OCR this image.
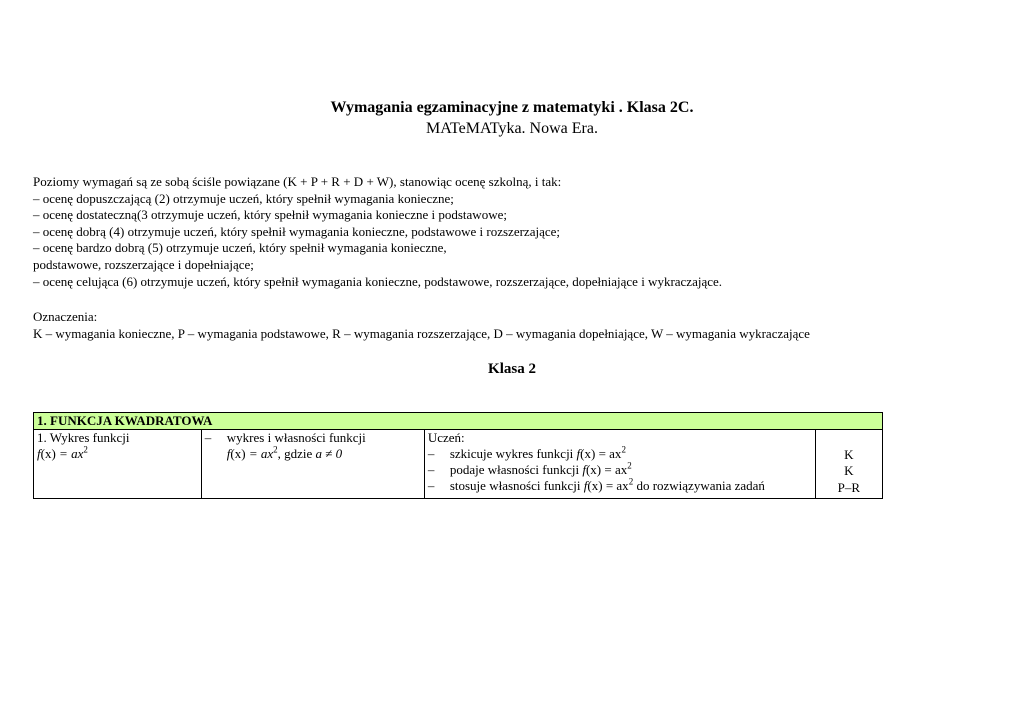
Wymagania egzaminacyjne z matematyki . Klasa 2C.
MATeMATyka. Nowa Era.
Poziomy wymagań są ze sobą ściśle powiązane (K + P + R + D + W), stanowiąc ocenę szkolną, i tak:
– ocenę dopuszczającą (2) otrzymuje uczeń, który spełnił wymagania konieczne;
– ocenę dostateczną(3 otrzymuje uczeń, który spełnił wymagania konieczne i podstawowe;
– ocenę dobrą (4) otrzymuje uczeń, który spełnił wymagania konieczne, podstawowe i rozszerzające;
– ocenę bardzo dobrą (5) otrzymuje uczeń, który spełnił wymagania konieczne,
podstawowe, rozszerzające i dopełniające;
– ocenę celująca (6) otrzymuje uczeń, który spełnił wymagania konieczne, podstawowe, rozszerzające, dopełniające i wykraczające.
Oznaczenia:
K – wymagania konieczne, P – wymagania podstawowe, R – wymagania rozszerzające, D – wymagania dopełniające, W – wymagania wykraczające
Klasa 2
1. FUNKCJA KWADRATOWA

1. Wykres funkcji
$f(x) = ax^2$

–	wykres i własności funkcji
$f(x) = ax^2$, gdzie a ≠ 0

Uczeń:
–	szkicuje wykres funkcji $f(x) = ax^2$
–	podaje własności funkcji $f(x) = ax^2$
–	stosuje własności funkcji $f(x) = ax^2$ do rozwiązywania zadań

K
K
P–R
